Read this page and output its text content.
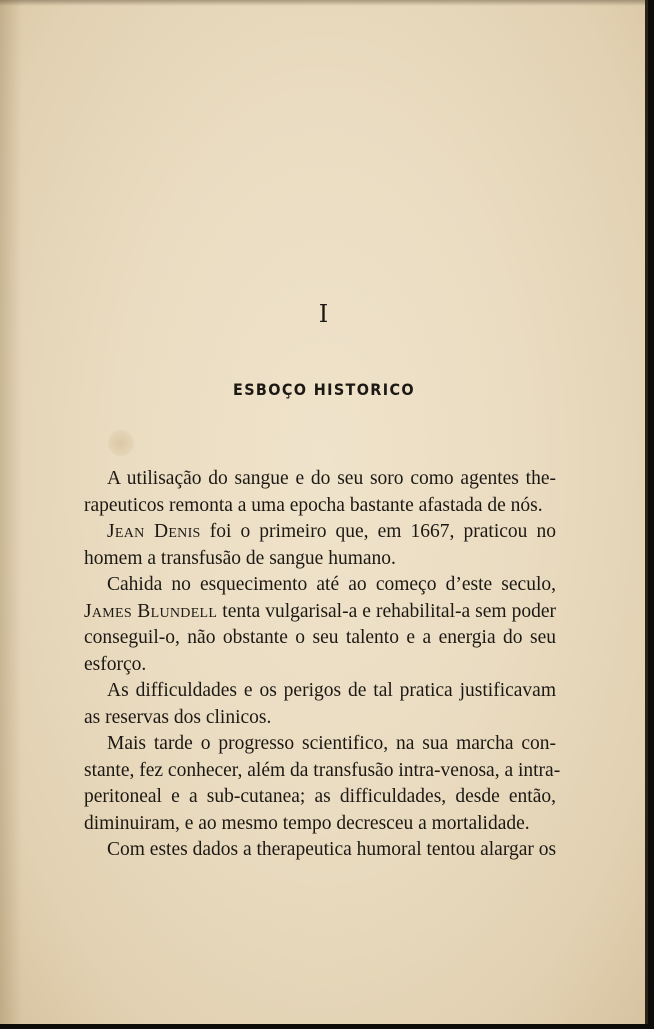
I
ESBOÇO HISTORICO
A utilisação do sangue e do seu soro como agentes the-
rapeuticos remonta a uma epocha bastante afastada de nós.
Jean Denis foi o primeiro que, em 1667, praticou no
homem a transfusão de sangue humano.
Cahida no esquecimento até ao começo d’este seculo,
James Blundell tenta vulgarisal-a e rehabilital-a sem poder
conseguil-o, não obstante o seu talento e a energia do seu
esforço.
As difficuldades e os perigos de tal pratica justificavam
as reservas dos clinicos.
Mais tarde o progresso scientifico, na sua marcha con-
stante, fez conhecer, além da transfusão intra-venosa, a intra-
peritoneal e a sub-cutanea; as difficuldades, desde então,
diminuiram, e ao mesmo tempo decresceu a mortalidade.
Com estes dados a therapeutica humoral tentou alargar os
